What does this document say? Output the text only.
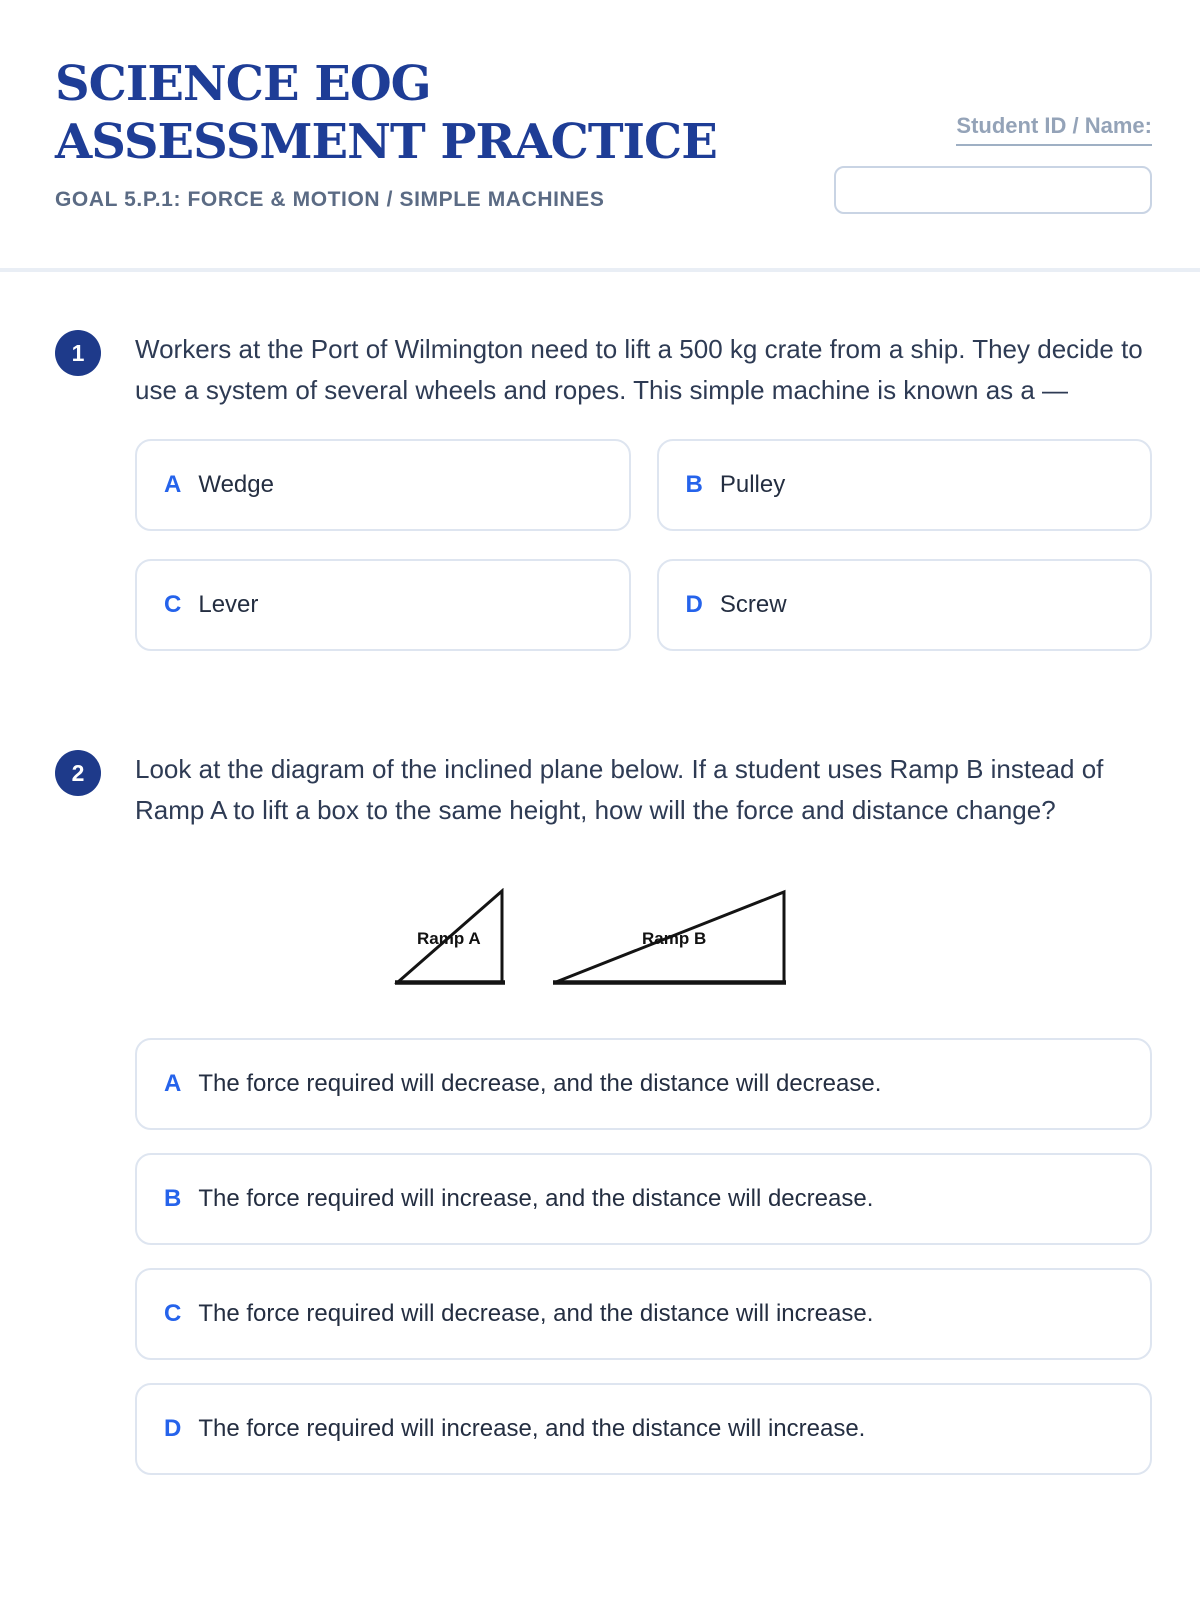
SCIENCE EOG ASSESSMENT PRACTICE
GOAL 5.P.1: FORCE & MOTION / SIMPLE MACHINES
Student ID / Name:
1	Workers at the Port of Wilmington need to lift a 500 kg crate from a ship. They decide to use a system of several wheels and ropes. This simple machine is known as a —
A Wedge	B Pulley
C Lever	D Screw
2	Look at the diagram of the inclined plane below. If a student uses Ramp B instead of Ramp A to lift a box to the same height, how will the force and distance change?
Ramp A	Ramp B
A The force required will decrease, and the distance will decrease.
B The force required will increase, and the distance will decrease.
C The force required will decrease, and the distance will increase.
D The force required will increase, and the distance will increase.
